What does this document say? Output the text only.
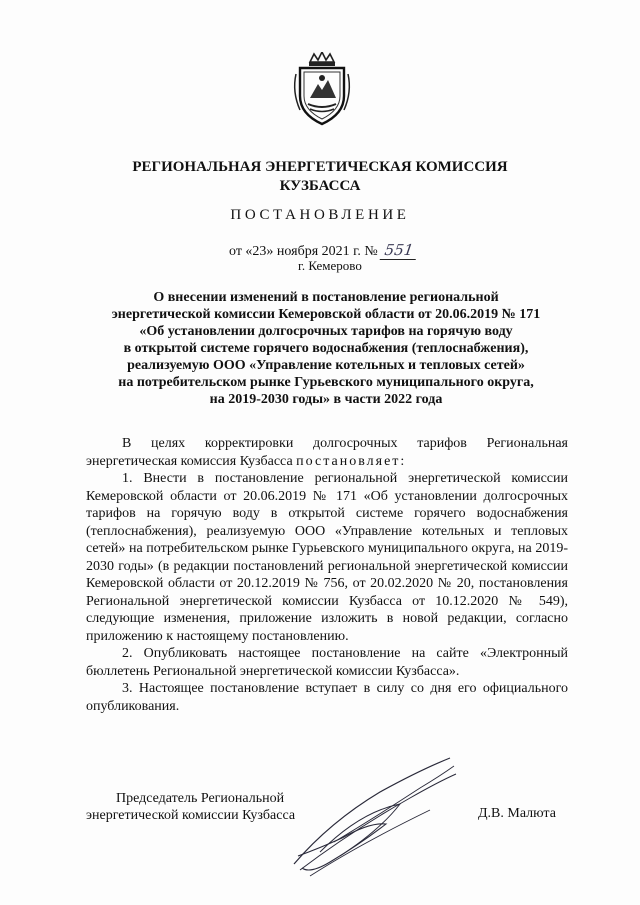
РЕГИОНАЛЬНАЯ ЭНЕРГЕТИЧЕСКАЯ КОМИССИЯ
КУЗБАССА
ПОСТАНОВЛЕНИЕ
от «23» ноября 2021 г. № 551
г. Кемерово
О внесении изменений в постановление региональной
энергетической комиссии Кемеровской области от 20.06.2019 № 171
«Об установлении долгосрочных тарифов на горячую воду
в открытой системе горячего водоснабжения (теплоснабжения),
реализуемую ООО «Управление котельных и тепловых сетей»
на потребительском рынке Гурьевского муниципального округа,
на 2019-2030 годы» в части 2022 года

В целях корректировки долгосрочных тарифов Региональная энергетическая комиссия Кузбасса постановляет:

1. Внести в постановление региональной энергетической комиссии Кемеровской области от 20.06.2019 № 171 «Об установлении долгосрочных тарифов на горячую воду в открытой системе горячего водоснабжения (теплоснабжения), реализуемую ООО «Управление котельных и тепловых сетей» на потребительском рынке Гурьевского муниципального округа, на 2019-2030 годы» (в редакции постановлений региональной энергетической комиссии Кемеровской области от 20.12.2019 № 756, от 20.02.2020 № 20, постановления Региональной энергетической комиссии Кузбасса от 10.12.2020 № 549), следующие изменения, приложение изложить в новой редакции, согласно приложению к настоящему постановлению.

2. Опубликовать настоящее постановление на сайте «Электронный бюллетень Региональной энергетической комиссии Кузбасса».

3. Настоящее постановление вступает в силу со дня его официального опубликования.

Председатель Региональной
энергетической комиссии Кузбасса	Д.В. Малюта
